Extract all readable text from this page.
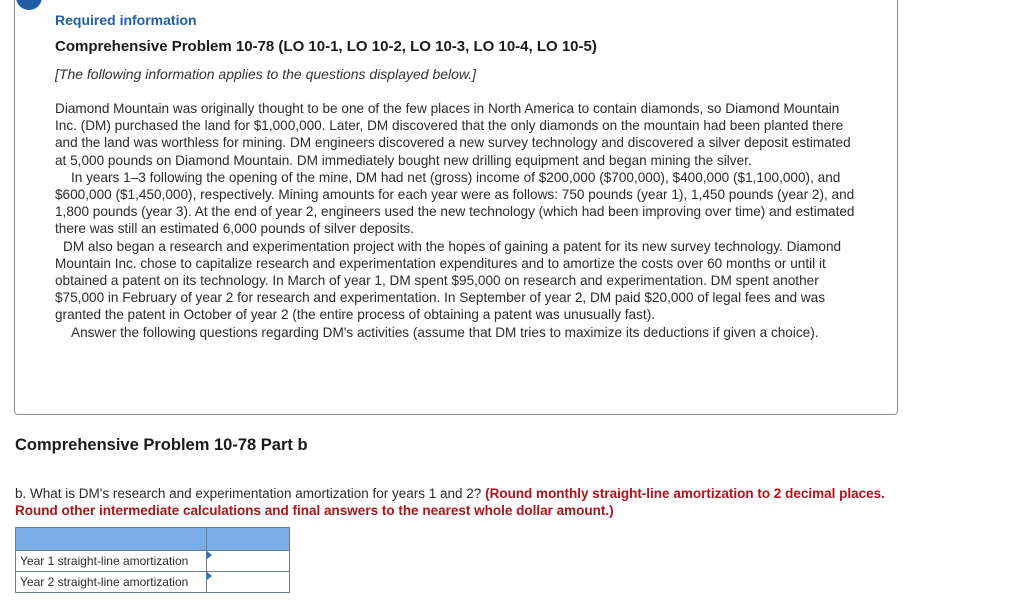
Required information
Comprehensive Problem 10-78 (LO 10-1, LO 10-2, LO 10-3, LO 10-4, LO 10-5)
[The following information applies to the questions displayed below.]

Diamond Mountain was originally thought to be one of the few places in North America to contain diamonds, so Diamond Mountain Inc. (DM) purchased the land for $1,000,000. Later, DM discovered that the only diamonds on the mountain had been planted there and the land was worthless for mining. DM engineers discovered a new survey technology and discovered a silver deposit estimated at 5,000 pounds on Diamond Mountain. DM immediately bought new drilling equipment and began mining the silver.

In years 1–3 following the opening of the mine, DM had net (gross) income of $200,000 ($700,000), $400,000 ($1,100,000), and $600,000 ($1,450,000), respectively. Mining amounts for each year were as follows: 750 pounds (year 1), 1,450 pounds (year 2), and 1,800 pounds (year 3). At the end of year 2, engineers used the new technology (which had been improving over time) and estimated there was still an estimated 6,000 pounds of silver deposits.

DM also began a research and experimentation project with the hopes of gaining a patent for its new survey technology. Diamond Mountain Inc. chose to capitalize research and experimentation expenditures and to amortize the costs over 60 months or until it obtained a patent on its technology. In March of year 1, DM spent $95,000 on research and experimentation. DM spent another $75,000 in February of year 2 for research and experimentation. In September of year 2, DM paid $20,000 of legal fees and was granted the patent in October of year 2 (the entire process of obtaining a patent was unusually fast).

Answer the following questions regarding DM's activities (assume that DM tries to maximize its deductions if given a choice).

Comprehensive Problem 10-78 Part b
b. What is DM's research and experimentation amortization for years 1 and 2? (Round monthly straight-line amortization to 2 decimal places. Round other intermediate calculations and final answers to the nearest whole dollar amount.)

Year 1 straight-line amortization	

Year 2 straight-line amortization	
